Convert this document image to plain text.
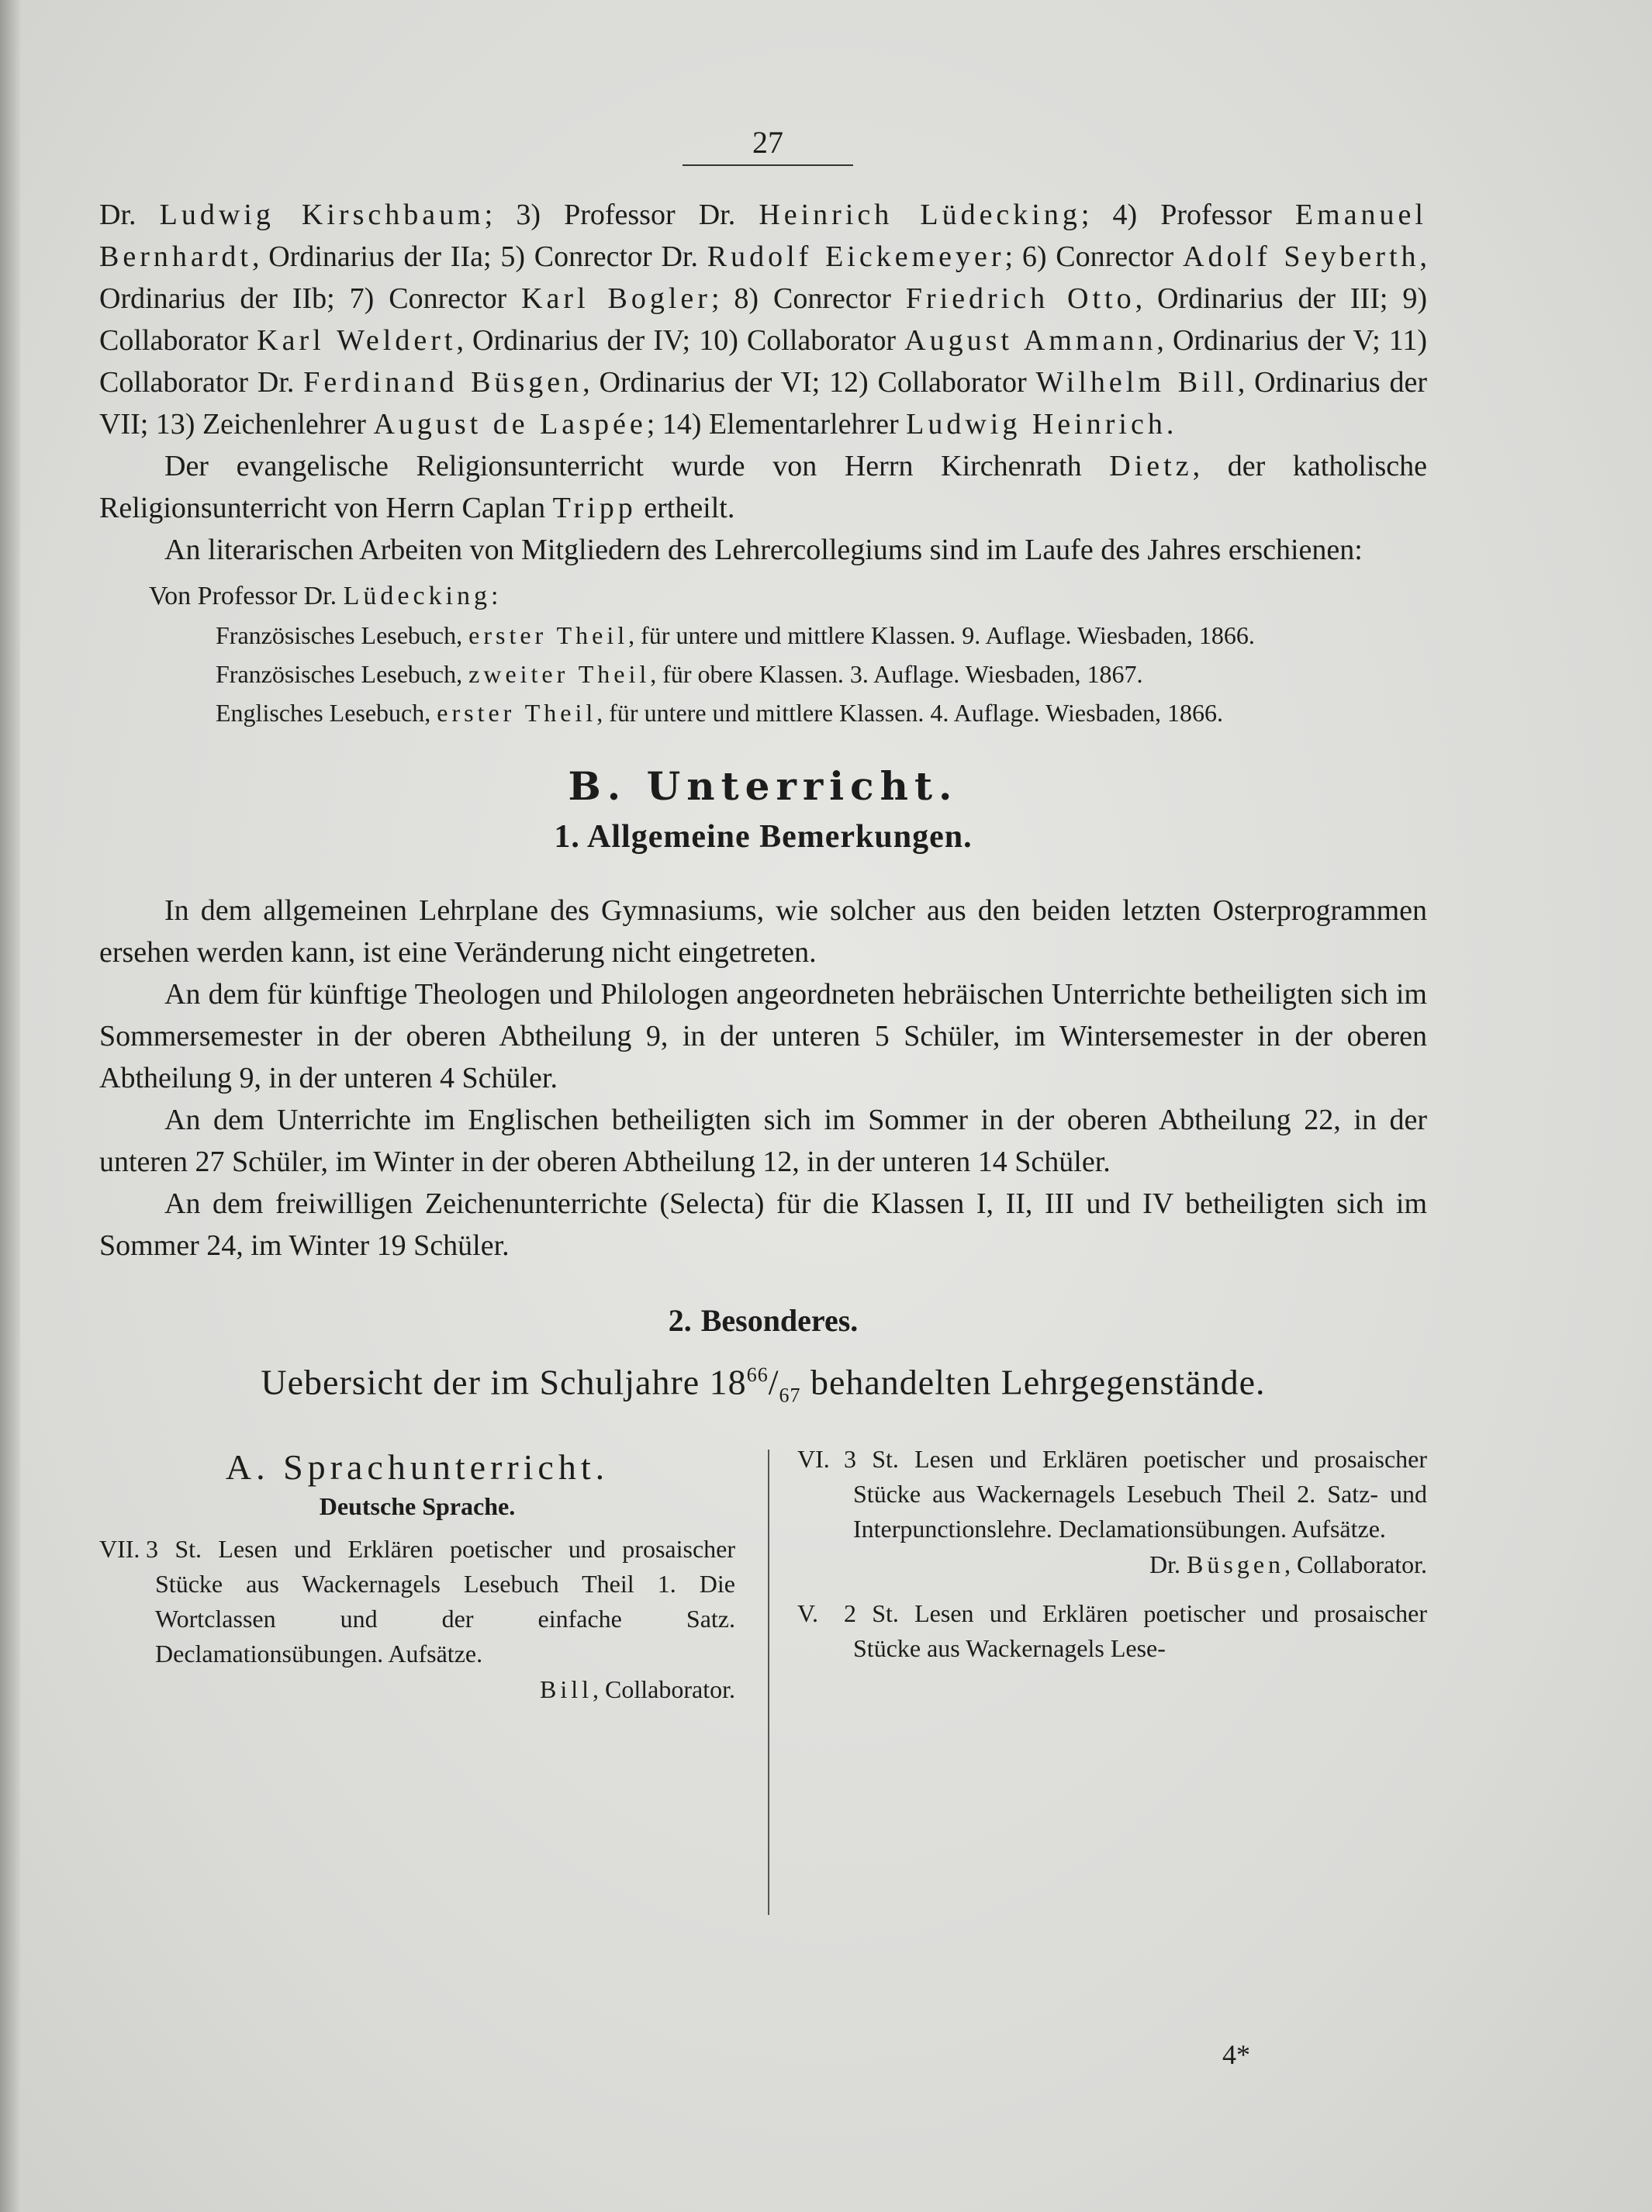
27

Dr. Ludwig Kirschbaum; 3) Professor Dr. Heinrich Lüdecking; 4) Professor Emanuel Bernhardt, Ordinarius der IIa; 5) Conrector Dr. Rudolf Eickemeyer; 6) Conrector Adolf Seyberth, Ordinarius der IIb; 7) Conrector Karl Bogler; 8) Conrector Friedrich Otto, Ordinarius der III; 9) Collaborator Karl Weldert, Ordinarius der IV; 10) Collaborator August Ammann, Ordinarius der V; 11) Collaborator Dr. Ferdinand Büsgen, Ordinarius der VI; 12) Collaborator Wilhelm Bill, Ordinarius der VII; 13) Zeichenlehrer August de Laspée; 14) Elementarlehrer Ludwig Heinrich.

Der evangelische Religionsunterricht wurde von Herrn Kirchenrath Dietz, der katholische Religionsunterricht von Herrn Caplan Tripp ertheilt.

An literarischen Arbeiten von Mitgliedern des Lehrercollegiums sind im Laufe des Jahres erschienen:

Von Professor Dr. Lüdecking:

Französisches Lesebuch, erster Theil, für untere und mittlere Klassen. 9. Auflage. Wiesbaden, 1866.

Französisches Lesebuch, zweiter Theil, für obere Klassen. 3. Auflage. Wiesbaden, 1867.

Englisches Lesebuch, erster Theil, für untere und mittlere Klassen. 4. Auflage. Wiesbaden, 1866.

B. Unterricht.
1. Allgemeine Bemerkungen.

In dem allgemeinen Lehrplane des Gymnasiums, wie solcher aus den beiden letzten Osterprogrammen ersehen werden kann, ist eine Veränderung nicht eingetreten.

An dem für künftige Theologen und Philologen angeordneten hebräischen Unterrichte betheiligten sich im Sommersemester in der oberen Abtheilung 9, in der unteren 5 Schüler, im Wintersemester in der oberen Abtheilung 9, in der unteren 4 Schüler.

An dem Unterrichte im Englischen betheiligten sich im Sommer in der oberen Abtheilung 22, in der unteren 27 Schüler, im Winter in der oberen Abtheilung 12, in der unteren 14 Schüler.

An dem freiwilligen Zeichenunterrichte (Selecta) für die Klassen I, II, III und IV betheiligten sich im Sommer 24, im Winter 19 Schüler.

2. Besonderes.
Uebersicht der im Schuljahre $18^{66}/_{67}$ behandelten Lehrgegenstände.
A. Sprachunterricht.
Deutsche Sprache.

VII. 3 St. Lesen und Erklären poetischer und prosaischer Stücke aus Wackernagels Lesebuch Theil 1. Die Wortclassen und der einfache Satz. Declamationsübungen. Aufsätze.

Bill, Collaborator.

VI. 3 St. Lesen und Erklären poetischer und prosaischer Stücke aus Wackernagels Lesebuch Theil 2. Satz- und Interpunctionslehre. Declamationsübungen. Aufsätze.

Dr. Büsgen, Collaborator.

V. 2 St. Lesen und Erklären poetischer und prosaischer Stücke aus Wackernagels Lese-

4*
